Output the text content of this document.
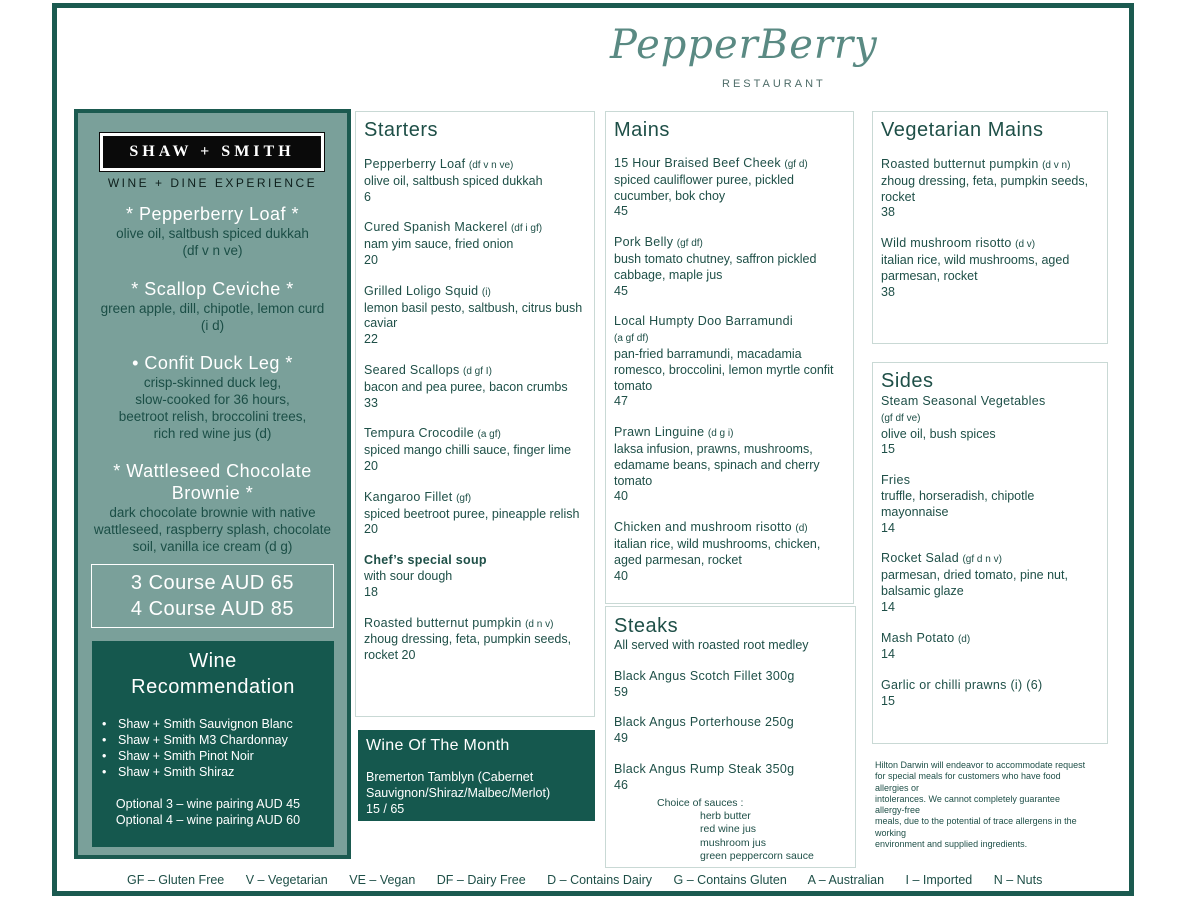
PepperBerry
RESTAURANT
SHAW + SMITH
WINE + DINE EXPERIENCE
* Pepperberry Loaf *
olive oil, saltbush spiced dukkah
(df v n ve)
* Scallop Ceviche *
green apple, dill, chipotle, lemon curd
(i d)
• Confit Duck Leg *
crisp-skinned duck leg,
slow-cooked for 36 hours,
beetroot relish, broccolini trees,
rich red wine jus (d)
* Wattleseed Chocolate
Brownie *
dark chocolate brownie with native
wattleseed, raspberry splash, chocolate
soil, vanilla ice cream (d g)
3 Course AUD 65
4 Course AUD 85
Wine
Recommendation
• Shaw + Smith Sauvignon Blanc
• Shaw + Smith M3 Chardonnay
• Shaw + Smith Pinot Noir
• Shaw + Smith Shiraz
Optional 3 – wine pairing AUD 45
Optional 4 – wine pairing AUD 60
Starters
Pepperberry Loaf (df v n ve)
olive oil, saltbush spiced dukkah
6
Cured Spanish Mackerel (df i gf)
nam yim sauce, fried onion
20
Grilled Loligo Squid (i)
lemon basil pesto, saltbush, citrus bush caviar
22
Seared Scallops (d gf I)
bacon and pea puree, bacon crumbs
33
Tempura Crocodile (a gf)
spiced mango chilli sauce, finger lime
20
Kangaroo Fillet (gf)
spiced beetroot puree, pineapple relish
20
Chef’s special soup
with sour dough
18
Roasted butternut pumpkin (d n v)
zhoug dressing, feta, pumpkin seeds, rocket 20
Mains
15 Hour Braised Beef Cheek (gf d)
spiced cauliflower puree, pickled cucumber, bok choy
45
Pork Belly (gf df)
bush tomato chutney, saffron pickled cabbage, maple jus
45
Local Humpty Doo Barramundi
(a gf df)
pan-fried barramundi, macadamia romesco, broccolini, lemon myrtle confit tomato
47
Prawn Linguine (d g i)
laksa infusion, prawns, mushrooms, edamame beans, spinach and cherry tomato
40
Chicken and mushroom risotto (d)
italian rice, wild mushrooms, chicken, aged parmesan, rocket
40
Vegetarian Mains
Roasted butternut pumpkin (d v n)
zhoug dressing, feta, pumpkin seeds, rocket
38
Wild mushroom risotto (d v)
italian rice, wild mushrooms, aged parmesan, rocket
38
Sides
Steam Seasonal Vegetables
(gf df ve)
olive oil, bush spices
15
Fries
truffle, horseradish, chipotle mayonnaise
14
Rocket Salad (gf d n v)
parmesan, dried tomato, pine nut, balsamic glaze
14
Mash Potato (d)
14
Garlic or chilli prawns (i) (6)
15
Steaks
All served with roasted root medley
Black Angus Scotch Fillet 300g
59
Black Angus Porterhouse 250g
49
Black Angus Rump Steak 350g
46
Choice of sauces :
herb butter
red wine jus
mushroom jus
green peppercorn sauce
Wine Of The Month
Bremerton Tamblyn (Cabernet
Sauvignon/Shiraz/Malbec/Merlot)
15 / 65
Hilton Darwin will endeavor to accommodate request
for special meals for customers who have food
allergies or
intolerances. We cannot completely guarantee
allergy-free
meals, due to the potential of trace allergens in the
working
environment and supplied ingredients.
GF – Gluten Free V – Vegetarian VE – Vegan DF – Dairy Free D – Contains Dairy G – Contains Gluten A – Australian I – Imported N – Nuts
